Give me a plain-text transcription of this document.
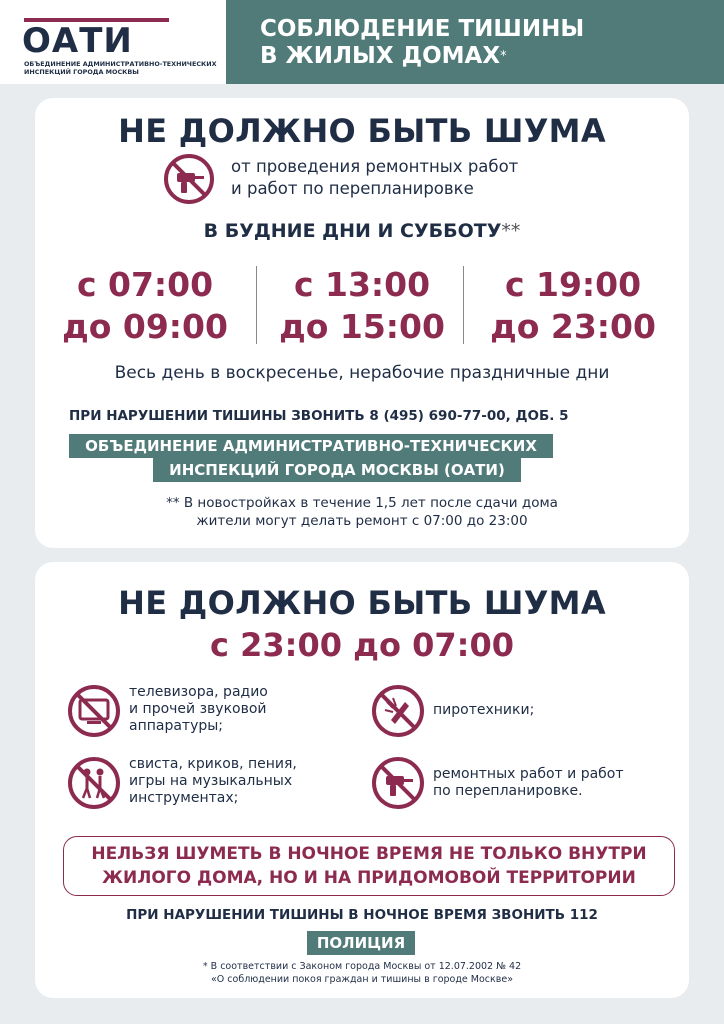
ОАТИ
ОБЪЕДИНЕНИЕ АДМИНИСТРАТИВНО-ТЕХНИЧЕСКИХ
ИНСПЕКЦИЙ ГОРОДА МОСКВЫ
СОБЛЮДЕНИЕ ТИШИНЫ
В ЖИЛЫХ ДОМАХ*
НЕ ДОЛЖНО БЫТЬ ШУМА
от проведения ремонтных работ
и работ по перепланировке
В БУДНИЕ ДНИ И СУББОТУ**
с 07:00
до 09:00
с 13:00
до 15:00
с 19:00
до 23:00
Весь день в воскресенье, нерабочие праздничные дни
ПРИ НАРУШЕНИИ ТИШИНЫ ЗВОНИТЬ 8 (495) 690-77-00, ДОБ. 5
ОБЪЕДИНЕНИЕ АДМИНИСТРАТИВНО-ТЕХНИЧЕСКИХ
ИНСПЕКЦИЙ ГОРОДА МОСКВЫ (ОАТИ)
** В новостройках в течение 1,5 лет после сдачи дома
жители могут делать ремонт с 07:00 до 23:00
НЕ ДОЛЖНО БЫТЬ ШУМА
с 23:00 до 07:00
телевизора, радио
и прочей звуковой
аппаратуры;
пиротехники;
свиста, криков, пения,
игры на музыкальных
инструментах;
ремонтных работ и работ
по перепланировке.
НЕЛЬЗЯ ШУМЕТЬ В НОЧНОЕ ВРЕМЯ НЕ ТОЛЬКО ВНУТРИ
ЖИЛОГО ДОМА, НО И НА ПРИДОМОВОЙ ТЕРРИТОРИИ
ПРИ НАРУШЕНИИ ТИШИНЫ В НОЧНОЕ ВРЕМЯ ЗВОНИТЬ 112
ПОЛИЦИЯ
* В соответствии с Законом города Москвы от 12.07.2002 № 42
«О соблюдении покоя граждан и тишины в городе Москве»
